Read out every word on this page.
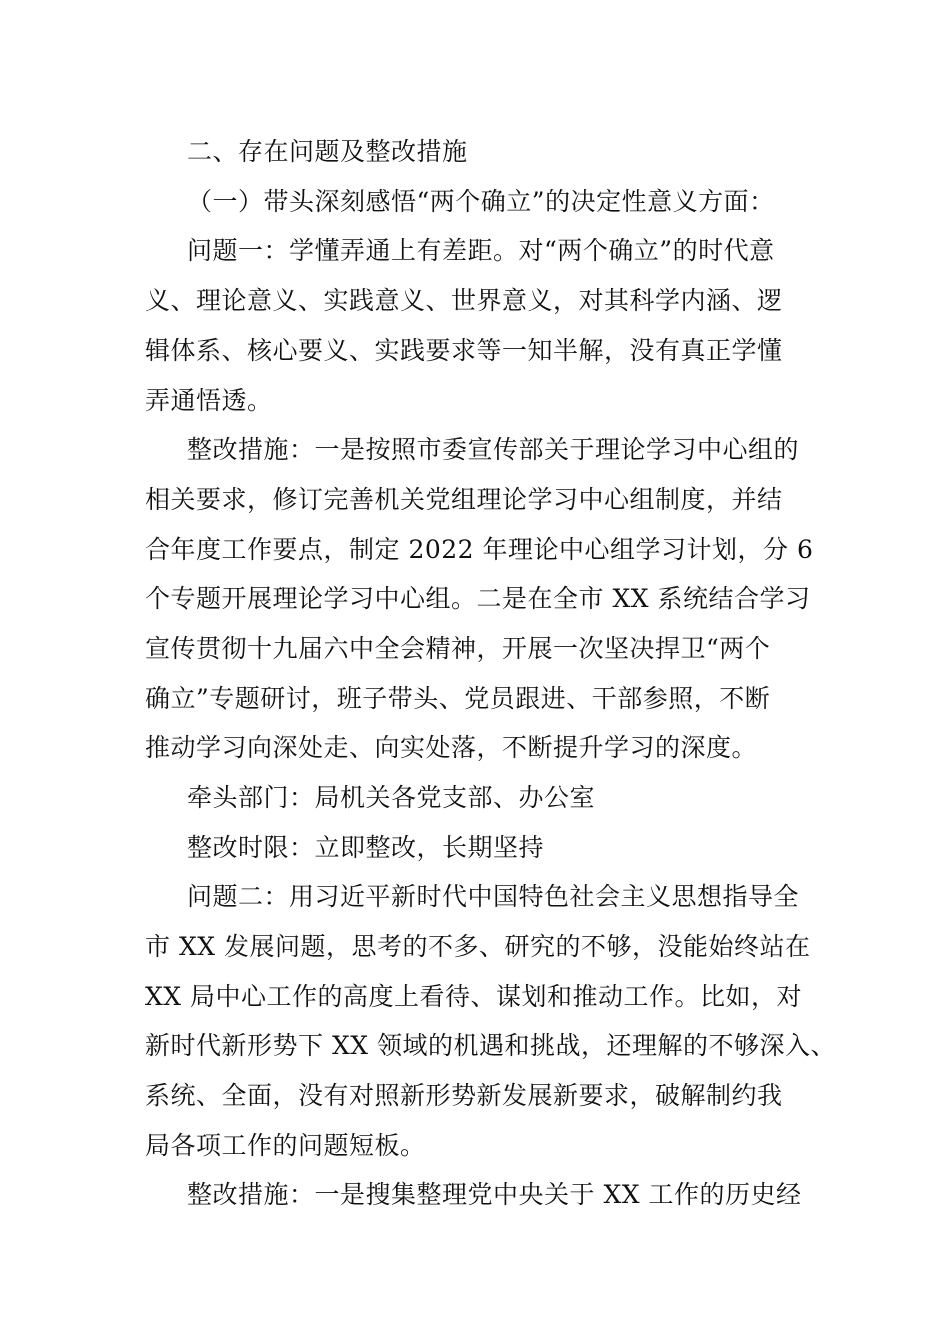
二、存在问题及整改措施
（一）带头深刻感悟“两个确立”的决定性意义方面：
问题一：学懂弄通上有差距。对“两个确立”的时代意
义、理论意义、实践意义、世界意义，对其科学内涵、逻
辑体系、核心要义、实践要求等一知半解，没有真正学懂
弄通悟透。
整改措施：一是按照市委宣传部关于理论学习中心组的
相关要求，修订完善机关党组理论学习中心组制度，并结
合年度工作要点，制定 2022 年理论中心组学习计划，分 6
个专题开展理论学习中心组。二是在全市 XX 系统结合学习
宣传贯彻十九届六中全会精神，开展一次坚决捍卫“两个
确立”专题研讨，班子带头、党员跟进、干部参照，不断
推动学习向深处走、向实处落，不断提升学习的深度。
牵头部门：局机关各党支部、办公室
整改时限：立即整改，长期坚持
问题二：用习近平新时代中国特色社会主义思想指导全
市 XX 发展问题，思考的不多、研究的不够，没能始终站在
XX 局中心工作的高度上看待、谋划和推动工作。比如，对
新时代新形势下 XX 领域的机遇和挑战，还理解的不够深入、
系统、全面，没有对照新形势新发展新要求，破解制约我
局各项工作的问题短板。
整改措施：一是搜集整理党中央关于 XX 工作的历史经
